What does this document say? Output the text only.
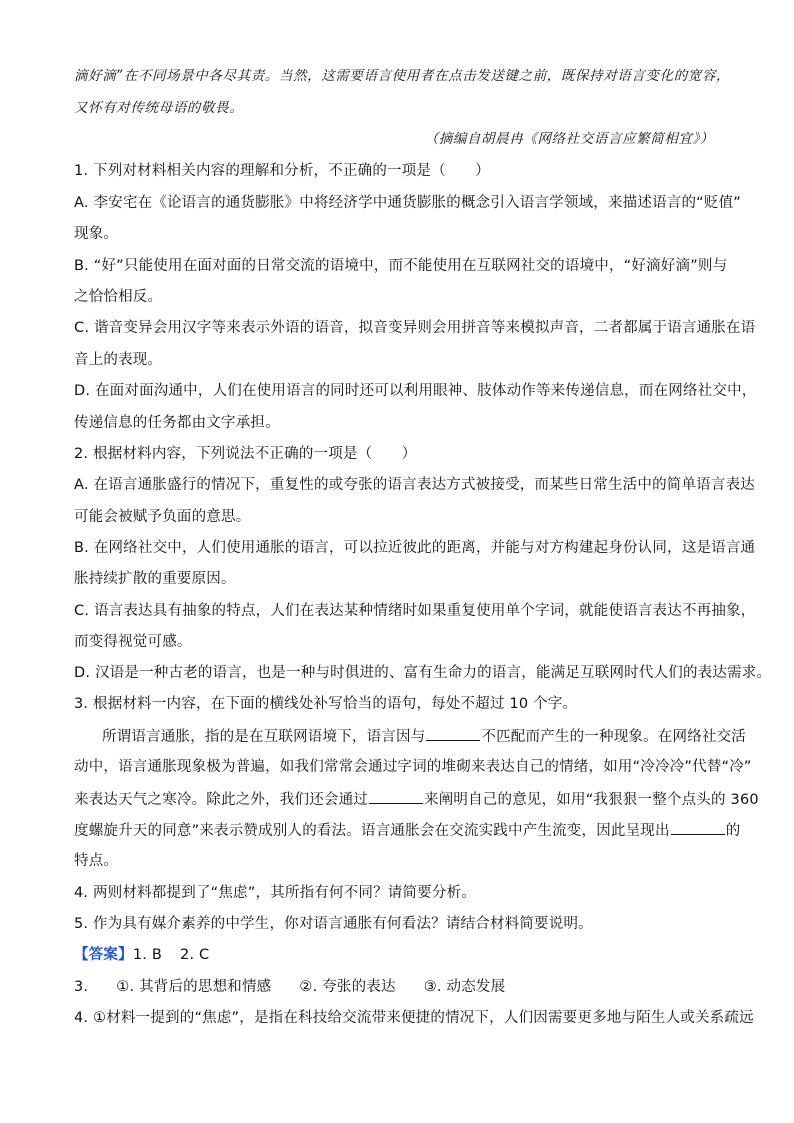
滴好滴”在不同场景中各尽其责。当然，这需要语言使用者在点击发送键之前，既保持对语言变化的宽容，
又怀有对传统母语的敬畏。
（摘编自胡晨冉《网络社交语言应繁简相宜》）
1. 下列对材料相关内容的理解和分析，不正确的一项是（　　）
A. 李安宅在《论语言的通货膨胀》中将经济学中通货膨胀的概念引入语言学领域，来描述语言的“贬值”
现象。
B. “好”只能使用在面对面的日常交流的语境中，而不能使用在互联网社交的语境中，“好滴好滴”则与
之恰恰相反。
C. 谐音变异会用汉字等来表示外语的语音，拟音变异则会用拼音等来模拟声音，二者都属于语言通胀在语
音上的表现。
D. 在面对面沟通中，人们在使用语言的同时还可以利用眼神、肢体动作等来传递信息，而在网络社交中，
传递信息的任务都由文字承担。
2. 根据材料内容，下列说法不正确的一项是（　　）
A. 在语言通胀盛行的情况下，重复性的或夸张的语言表达方式被接受，而某些日常生活中的简单语言表达
可能会被赋予负面的意思。
B. 在网络社交中，人们使用通胀的语言，可以拉近彼此的距离，并能与对方构建起身份认同，这是语言通
胀持续扩散的重要原因。
C. 语言表达具有抽象的特点，人们在表达某种情绪时如果重复使用单个字词，就能使语言表达不再抽象，
而变得视觉可感。
D. 汉语是一种古老的语言，也是一种与时俱进的、富有生命力的语言，能满足互联网时代人们的表达需求。
3. 根据材料一内容，在下面的横线处补写恰当的语句，每处不超过 10 个字。
所谓语言通胀，指的是在互联网语境下，语言因与	不匹配而产生的一种现象。在网络社交活
动中，语言通胀现象极为普遍，如我们常常会通过字词的堆砌来表达自己的情绪，如用“冷冷冷”代替“冷”
来表达天气之寒冷。除此之外，我们还会通过	来阐明自己的意见，如用“我狠狠一整个点头的 360
度螺旋升天的同意”来表示赞成别人的看法。语言通胀会在交流实践中产生流变，因此呈现出	的
特点。
4. 两则材料都提到了“焦虑”，其所指有何不同？请简要分析。
5. 作为具有媒介素养的中学生，你对语言通胀有何看法？请结合材料简要说明。
【答案】1. B 2. C
3. ①. 其背后的思想和情感 ②. 夸张的表达 ③. 动态发展
4. ①材料一提到的“焦虑”，是指在科技给交流带来便捷的情况下，人们因需要更多地与陌生人或关系疏远
